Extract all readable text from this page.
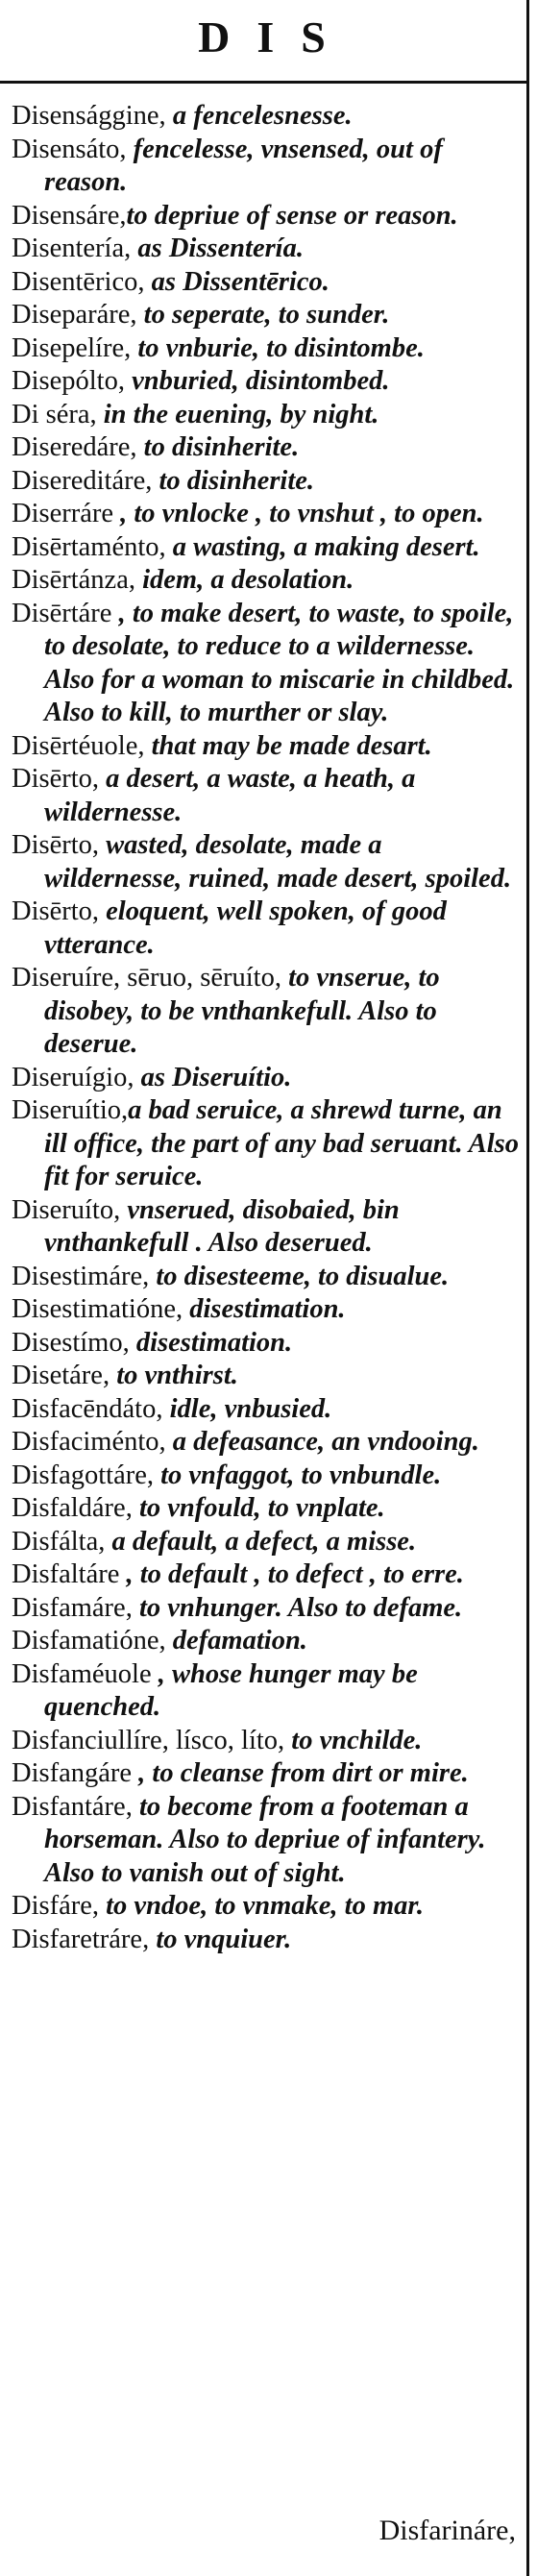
DIS

Disensággine, a fencelesnesse.

Disensáto, fencelesse, vnsensed, out of reason.

Disensáre,to depriue of sense or reason.

Disentería, as Dissentería.

Disentērico, as Dissentērico.

Diseparáre, to seperate, to sunder.

Disepelíre, to vnburie, to disintombe.

Disepólto, vnburied, disintombed.

Di séra, in the euening, by night.

Diseredáre, to disinherite.

Disereditáre, to disinherite.

Diserráre , to vnlocke , to vnshut , to open.

Disērtaménto, a wasting, a making desert.

Disērtánza, idem, a desolation.

Disērtáre , to make desert, to waste, to spoile, to desolate, to reduce to a wildernesse. Also for a woman to miscarie in childbed. Also to kill, to murther or slay.

Disērtéuole, that may be made desart.

Disērto, a desert, a waste, a heath, a wildernesse.

Disērto, wasted, desolate, made a wildernesse, ruined, made desert, spoiled.

Disērto, eloquent, well spoken, of good vtterance.

Diseruíre, sēruo, sēruíto, to vnserue, to disobey, to be vnthankefull. Also to deserue.

Diseruígio, as Diseruítio.

Diseruítio,a bad seruice, a shrewd turne, an ill office, the part of any bad seruant. Also fit for seruice.

Diseruíto, vnserued, disobaied, bin vnthankefull . Also deserued.

Disestimáre, to disesteeme, to disualue.

Disestimatióne, disestimation.

Disestímo, disestimation.

Disetáre, to vnthirst.

Disfacēndáto, idle, vnbusied.

Disfaciménto, a defeasance, an vndooing.

Disfagottáre, to vnfaggot, to vnbundle.

Disfaldáre, to vnfould, to vnplate.

Disfálta, a default, a defect, a misse.

Disfaltáre , to default , to defect , to erre.

Disfamáre, to vnhunger. Also to defame.

Disfamatióne, defamation.

Disfaméuole , whose hunger may be quenched.

Disfanciullíre, lísco, líto, to vnchilde.

Disfangáre , to cleanse from dirt or mire.

Disfantáre, to become from a footeman a horseman. Also to depriue of infantery. Also to vanish out of sight.

Disfáre, to vndoe, to vnmake, to mar.

Disfaretráre, to vnquiuer.

Disfarináre,
